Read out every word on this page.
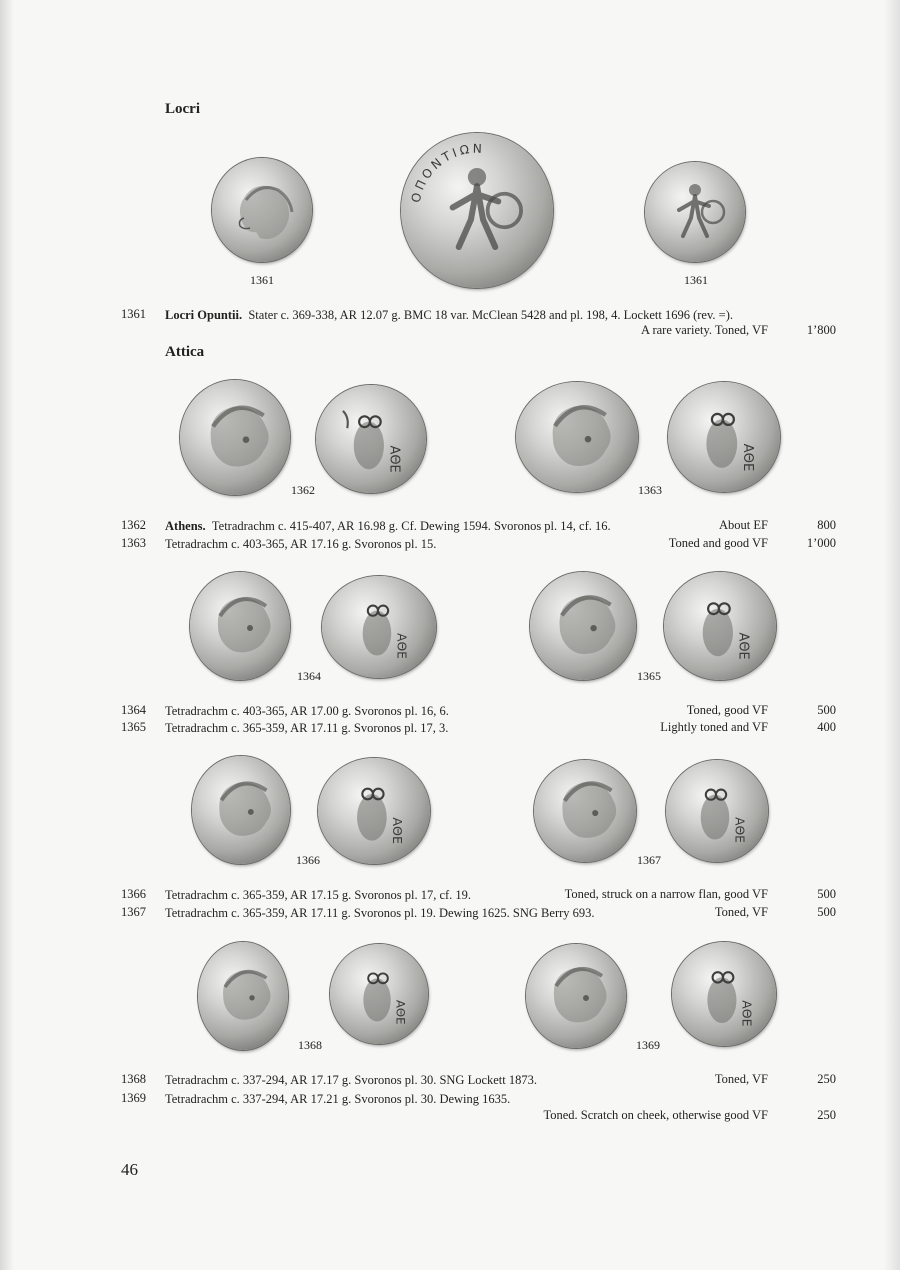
Locri
1361
ΟΠΟΝΤΙΩΝ
1361
1361 Locri Opuntii. Stater c. 369-338, AR 12.07 g. BMC 18 var. McClean 5428 and pl. 198, 4. Lockett 1696 (rev. =).
A rare variety. Toned, VF	1’800
Attica
ΑΘΕ
1362
ΑΘΕ
1363
1362 Athens. Tetradrachm c. 415-407, AR 16.98 g. Cf. Dewing 1594. Svoronos pl. 14, cf. 16.	About EF	800
1363 Tetradrachm c. 403-365, AR 17.16 g. Svoronos pl. 15.	Toned and good VF	1’000
ΑΘΕ
1364
ΑΘΕ
1365
1364 Tetradrachm c. 403-365, AR 17.00 g. Svoronos pl. 16, 6.	Toned, good VF	500
1365 Tetradrachm c. 365-359, AR 17.11 g. Svoronos pl. 17, 3.	Lightly toned and VF	400
ΑΘΕ
1366
ΑΘΕ
1367
1366 Tetradrachm c. 365-359, AR 17.15 g. Svoronos pl. 17, cf. 19.	Toned, struck on a narrow flan, good VF	500
1367 Tetradrachm c. 365-359, AR 17.11 g. Svoronos pl. 19. Dewing 1625. SNG Berry 693.	Toned, VF	500
ΑΘΕ
1368
ΑΘΕ
1369
1368 Tetradrachm c. 337-294, AR 17.17 g. Svoronos pl. 30. SNG Lockett 1873.	Toned, VF	250
1369 Tetradrachm c. 337-294, AR 17.21 g. Svoronos pl. 30. Dewing 1635.
Toned. Scratch on cheek, otherwise good VF	250
46
